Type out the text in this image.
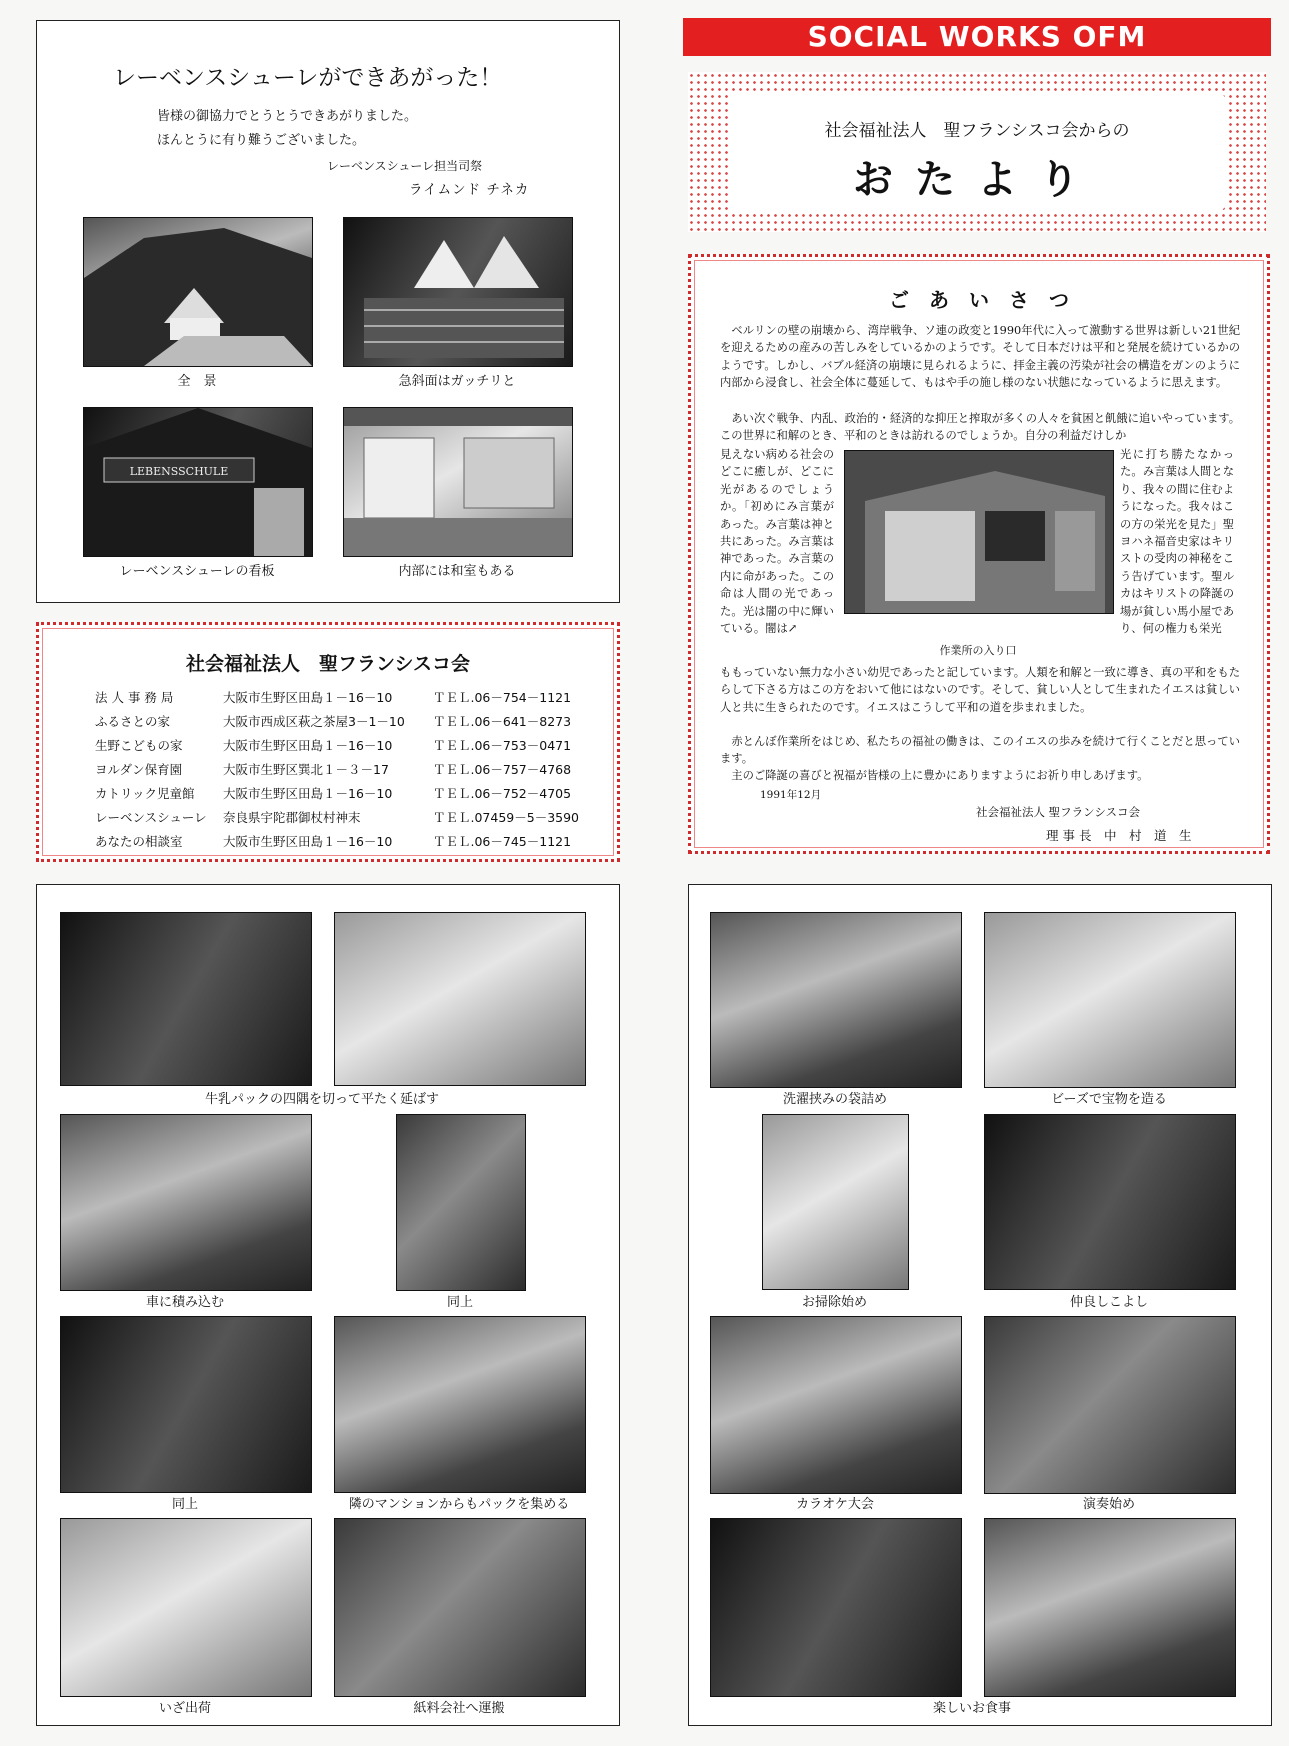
レーベンスシューレができあがった！
皆様の御協力でとうとうできあがりました。
ほんとうに有り難うございました。
レーベンスシューレ担当司祭
ライムンド チネカ
全　景	急斜面はガッチリと
LEBENSSCHULE
レーベンスシューレの看板	内部には和室もある
社会福祉法人　聖フランシスコ会
法 人 事 務 局	大阪市生野区田島１－16－10	ＴＥＬ.06－754－1121
ふるさとの家	大阪市西成区萩之茶屋3－1－10 ＴＥＬ.06－641－8273
生野こどもの家	大阪市生野区田島１－16－10	ＴＥＬ.06－753－0471
ヨルダン保育園	大阪市生野区巽北１－３－17	ＴＥＬ.06－757－4768
カトリック児童館 大阪市生野区田島１－16－10	ＴＥＬ.06－752－4705
レーベンスシューレ 奈良県宇陀郡御杖村神末	ＴＥＬ.07459－5－3590
あなたの相談室	大阪市生野区田島１－16－10	ＴＥＬ.06－745－1121
SOCIAL WORKS OFM
社会福祉法人　聖フランシスコ会からの
おたより
ご　あ　い　さ　つ
　ベルリンの壁の崩壊から、湾岸戦争、ソ連の政変と1990年代に入って激動する世界は新しい21世紀を迎えるための産みの苦しみをしているかのようです。そして日本だけは平和と発展を続けているかのようです。しかし、バブル経済の崩壊に見られるように、拝金主義の汚染が社会の構造をガンのように内部から浸食し、社会全体に蔓延して、もはや手の施し様のない状態になっているように思えます。
　あい次ぐ戦争、内乱、政治的・経済的な抑圧と搾取が多くの人々を貧困と飢餓に追いやっています。この世界に和解のとき、平和のときは訪れるのでしょうか。自分の利益だけしか
見えない病める社会のどこに癒しが、どこに光があるのでしょうか。「初めにみ言葉があった。み言葉は神と共にあった。み言葉は神であった。み言葉の内に命があった。この命は人間の光であった。光は闇の中に輝いている。闇は↗
作業所の入り口
光に打ち勝たなかった。み言葉は人間となり、我々の間に住むようになった。我々はこの方の栄光を見た」聖ヨハネ福音史家はキリストの受肉の神秘をこう告げています。聖ルカはキリストの降誕の場が貧しい馬小屋であり、何の権力も栄光
ももっていない無力な小さい幼児であったと記しています。人類を和解と一致に導き、真の平和をもたらして下さる方はこの方をおいて他にはないのです。そして、貧しい人として生まれたイエスは貧しい人と共に生きられたのです。イエスはこうして平和の道を歩まれました。
　赤とんぼ作業所をはじめ、私たちの福祉の働きは、このイエスの歩みを続けて行くことだと思っています。
　主のご降誕の喜びと祝福が皆様の上に豊かにありますようにお祈り申しあげます。
1991年12月
社会福祉法人 聖フランシスコ会
理 事 長　中　村　道　生
牛乳パックの四隅を切って平たく延ばす
車に積み込む	同上
同上	隣のマンションからもパックを集める
いざ出荷	紙料会社へ運搬
洗濯挟みの袋詰め	ビーズで宝物を造る
お掃除始め	仲良しこよし
カラオケ大会	演奏始め
楽しいお食事
